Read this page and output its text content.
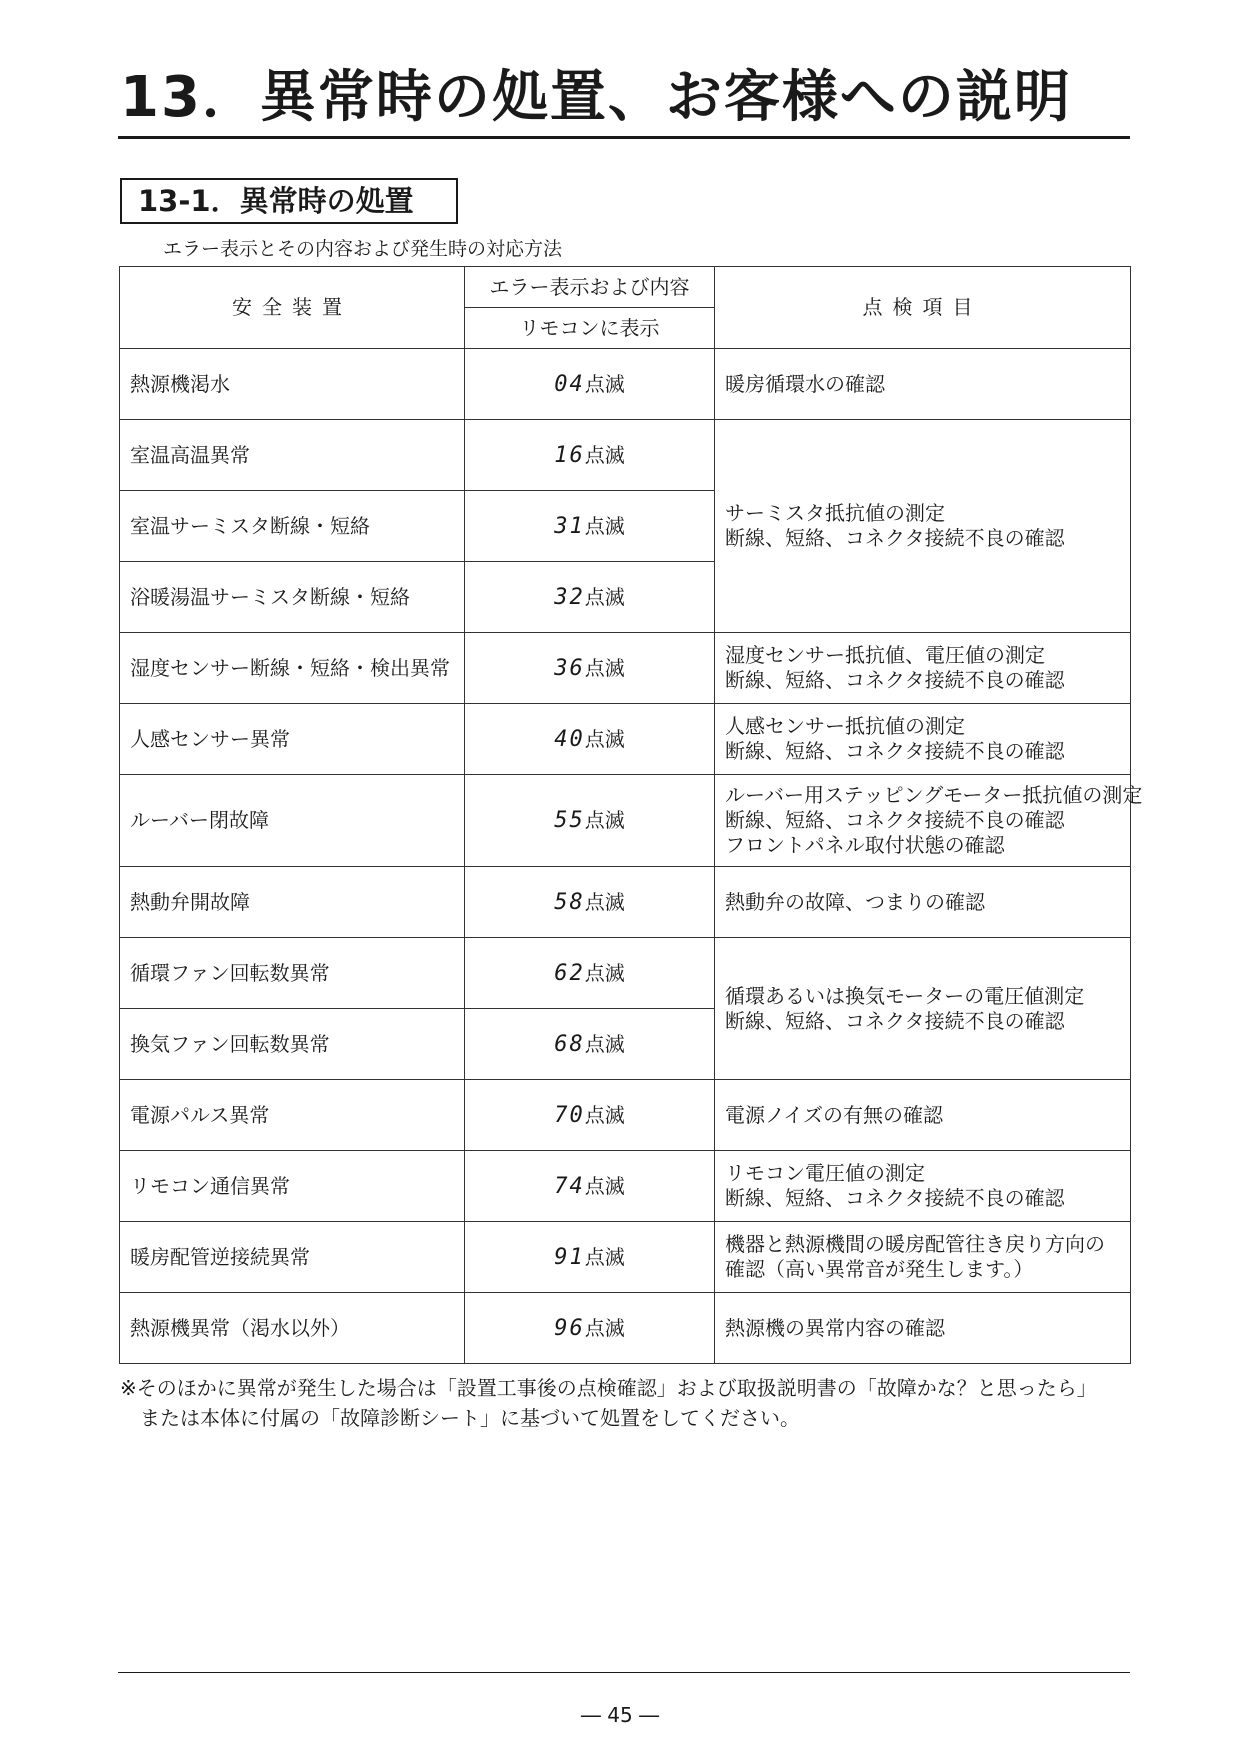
13．異常時の処置、お客様への説明
13-1．異常時の処置
エラー表示とその内容および発生時の対応方法
安全装置	エラー表示および内容	点検項目
	リモコンに表示	
熱源機渇水	04点滅	暖房循環水の確認

室温高温異常	16点滅	サーミスタ抵抗値の測定
断線、短絡、コネクタ接続不良の確認

室温サーミスタ断線・短絡	31点滅	
浴暖湯温サーミスタ断線・短絡	32点滅	
湿度センサー断線・短絡・検出異常	36点滅	湿度センサー抵抗値、電圧値の測定
断線、短絡、コネクタ接続不良の確認

人感センサー異常	40点滅	人感センサー抵抗値の測定
断線、短絡、コネクタ接続不良の確認

ルーバー閉故障	55点滅	ルーバー用ステッピングモーター抵抗値の測定
断線、短絡、コネクタ接続不良の確認
フロントパネル取付状態の確認

熱動弁開故障	58点滅	熱動弁の故障、つまりの確認

循環ファン回転数異常	62点滅	循環あるいは換気モーターの電圧値測定
断線、短絡、コネクタ接続不良の確認

換気ファン回転数異常	68点滅	
電源パルス異常	70点滅	電源ノイズの有無の確認

リモコン通信異常	74点滅	リモコン電圧値の測定
断線、短絡、コネクタ接続不良の確認

暖房配管逆接続異常	91点滅	機器と熱源機間の暖房配管往き戻り方向の
確認（高い異常音が発生します。）

熱源機異常（渇水以外）	96点滅	熱源機の異常内容の確認
※そのほかに異常が発生した場合は「設置工事後の点検確認」および取扱説明書の「故障かな？と思ったら」
または本体に付属の「故障診断シート」に基づいて処置をしてください。
― 45 ―
